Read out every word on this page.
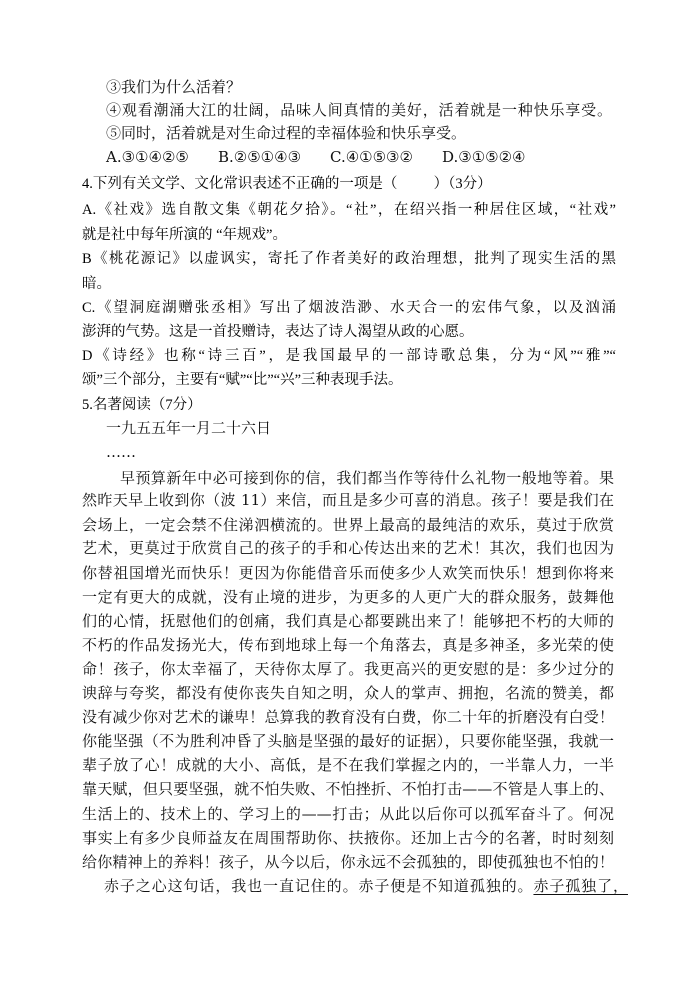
③我们为什么活着？
④观看潮涌大江的壮阔，品味人间真情的美好，活着就是一种快乐享受。
⑤同时，活着就是对生命过程的幸福体验和快乐享受。
A.③①④②⑤ B.②⑤①④③ C.④①⑤③② D.③①⑤②④
4.下列有关文学、文化常识表述不正确的一项是（          ）（3分）
A.《社戏》选自散文集《朝花夕拾》。“社”，在绍兴指一种居住区域，“社戏”
就是社中每年所演的 “年规戏”。
B《桃花源记》以虚讽实，寄托了作者美好的政治理想，批判了现实生活的黑
暗。
C.《望洞庭湖赠张丞相》写出了烟波浩渺、水天合一的宏伟气象，以及汹涌
澎湃的气势。这是一首投赠诗，表达了诗人渴望从政的心愿。
D《诗经》也称“诗三百”，是我国最早的一部诗歌总集，分为“风”“雅”“
颂”三个部分，主要有“赋”“比”“兴”三种表现手法。
5.名著阅读（7分）
一九五五年一月二十六日
……
早预算新年中必可接到你的信，我们都当作等待什么礼物一般地等着。果
然昨天早上收到你（波 11）来信，而且是多少可喜的消息。孩子！要是我们在
会场上，一定会禁不住涕泗横流的。世界上最高的最纯洁的欢乐，莫过于欣赏
艺术，更莫过于欣赏自己的孩子的手和心传达出来的艺术！其次，我们也因为
你替祖国增光而快乐！更因为你能借音乐而使多少人欢笑而快乐！想到你将来
一定有更大的成就，没有止境的进步，为更多的人更广大的群众服务，鼓舞他
们的心情，抚慰他们的创痛，我们真是心都要跳出来了！能够把不朽的大师的
不朽的作品发扬光大，传布到地球上每一个角落去，真是多神圣，多光荣的使
命！孩子，你太幸福了，天待你太厚了。我更高兴的更安慰的是：多少过分的
谀辞与夸奖，都没有使你丧失自知之明，众人的掌声、拥抱，名流的赞美，都
没有减少你对艺术的谦卑！总算我的教育没有白费，你二十年的折磨没有白受！
你能坚强（不为胜利冲昏了头脑是坚强的最好的证据），只要你能坚强，我就一
辈子放了心！成就的大小、高低，是不在我们掌握之内的，一半靠人力，一半
靠天赋，但只要坚强，就不怕失败、不怕挫折、不怕打击——不管是人事上的、
生活上的、技术上的、学习上的——打击；从此以后你可以孤军奋斗了。何况
事实上有多少良师益友在周围帮助你、扶掖你。还加上古今的名著，时时刻刻
给你精神上的养料！孩子，从今以后，你永远不会孤独的，即使孤独也不怕的！
赤子之心这句话，我也一直记住的。赤子便是不知道孤独的。赤子孤独了，
